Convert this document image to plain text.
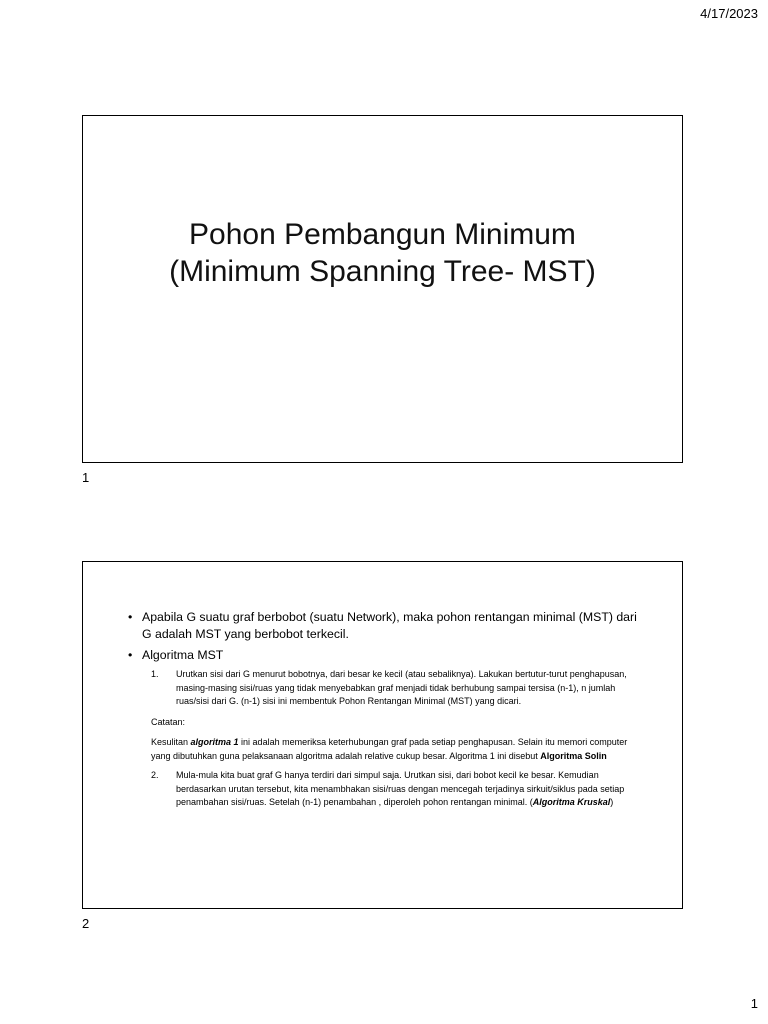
4/17/2023
Pohon Pembangun Minimum
(Minimum Spanning Tree- MST)
1
• Apabila G suatu graf berbobot (suatu Network), maka pohon rentangan minimal (MST) dari G adalah MST yang berbobot terkecil.
• Algoritma MST
1. Urutkan sisi dari G menurut bobotnya, dari besar ke kecil (atau sebaliknya). Lakukan bertutur-turut penghapusan, masing-masing sisi/ruas yang tidak menyebabkan graf menjadi tidak berhubung sampai tersisa (n-1), n jumlah ruas/sisi dari G. (n-1) sisi ini membentuk Pohon Rentangan Minimal (MST) yang dicari.
Catatan:
Kesulitan algoritma 1 ini adalah memeriksa keterhubungan graf pada setiap penghapusan. Selain itu memori computer yang dibutuhkan guna pelaksanaan algoritma adalah relative cukup besar. Algoritma 1 ini disebut Algoritma Solin
2. Mula-mula kita buat graf G hanya terdiri dari simpul saja. Urutkan sisi, dari bobot kecil ke besar. Kemudian berdasarkan urutan tersebut, kita menambhakan sisi/ruas dengan mencegah terjadinya sirkuit/siklus pada setiap penambahan sisi/ruas. Setelah (n-1) penambahan , diperoleh pohon rentangan minimal. (Algoritma Kruskal)
2
1
